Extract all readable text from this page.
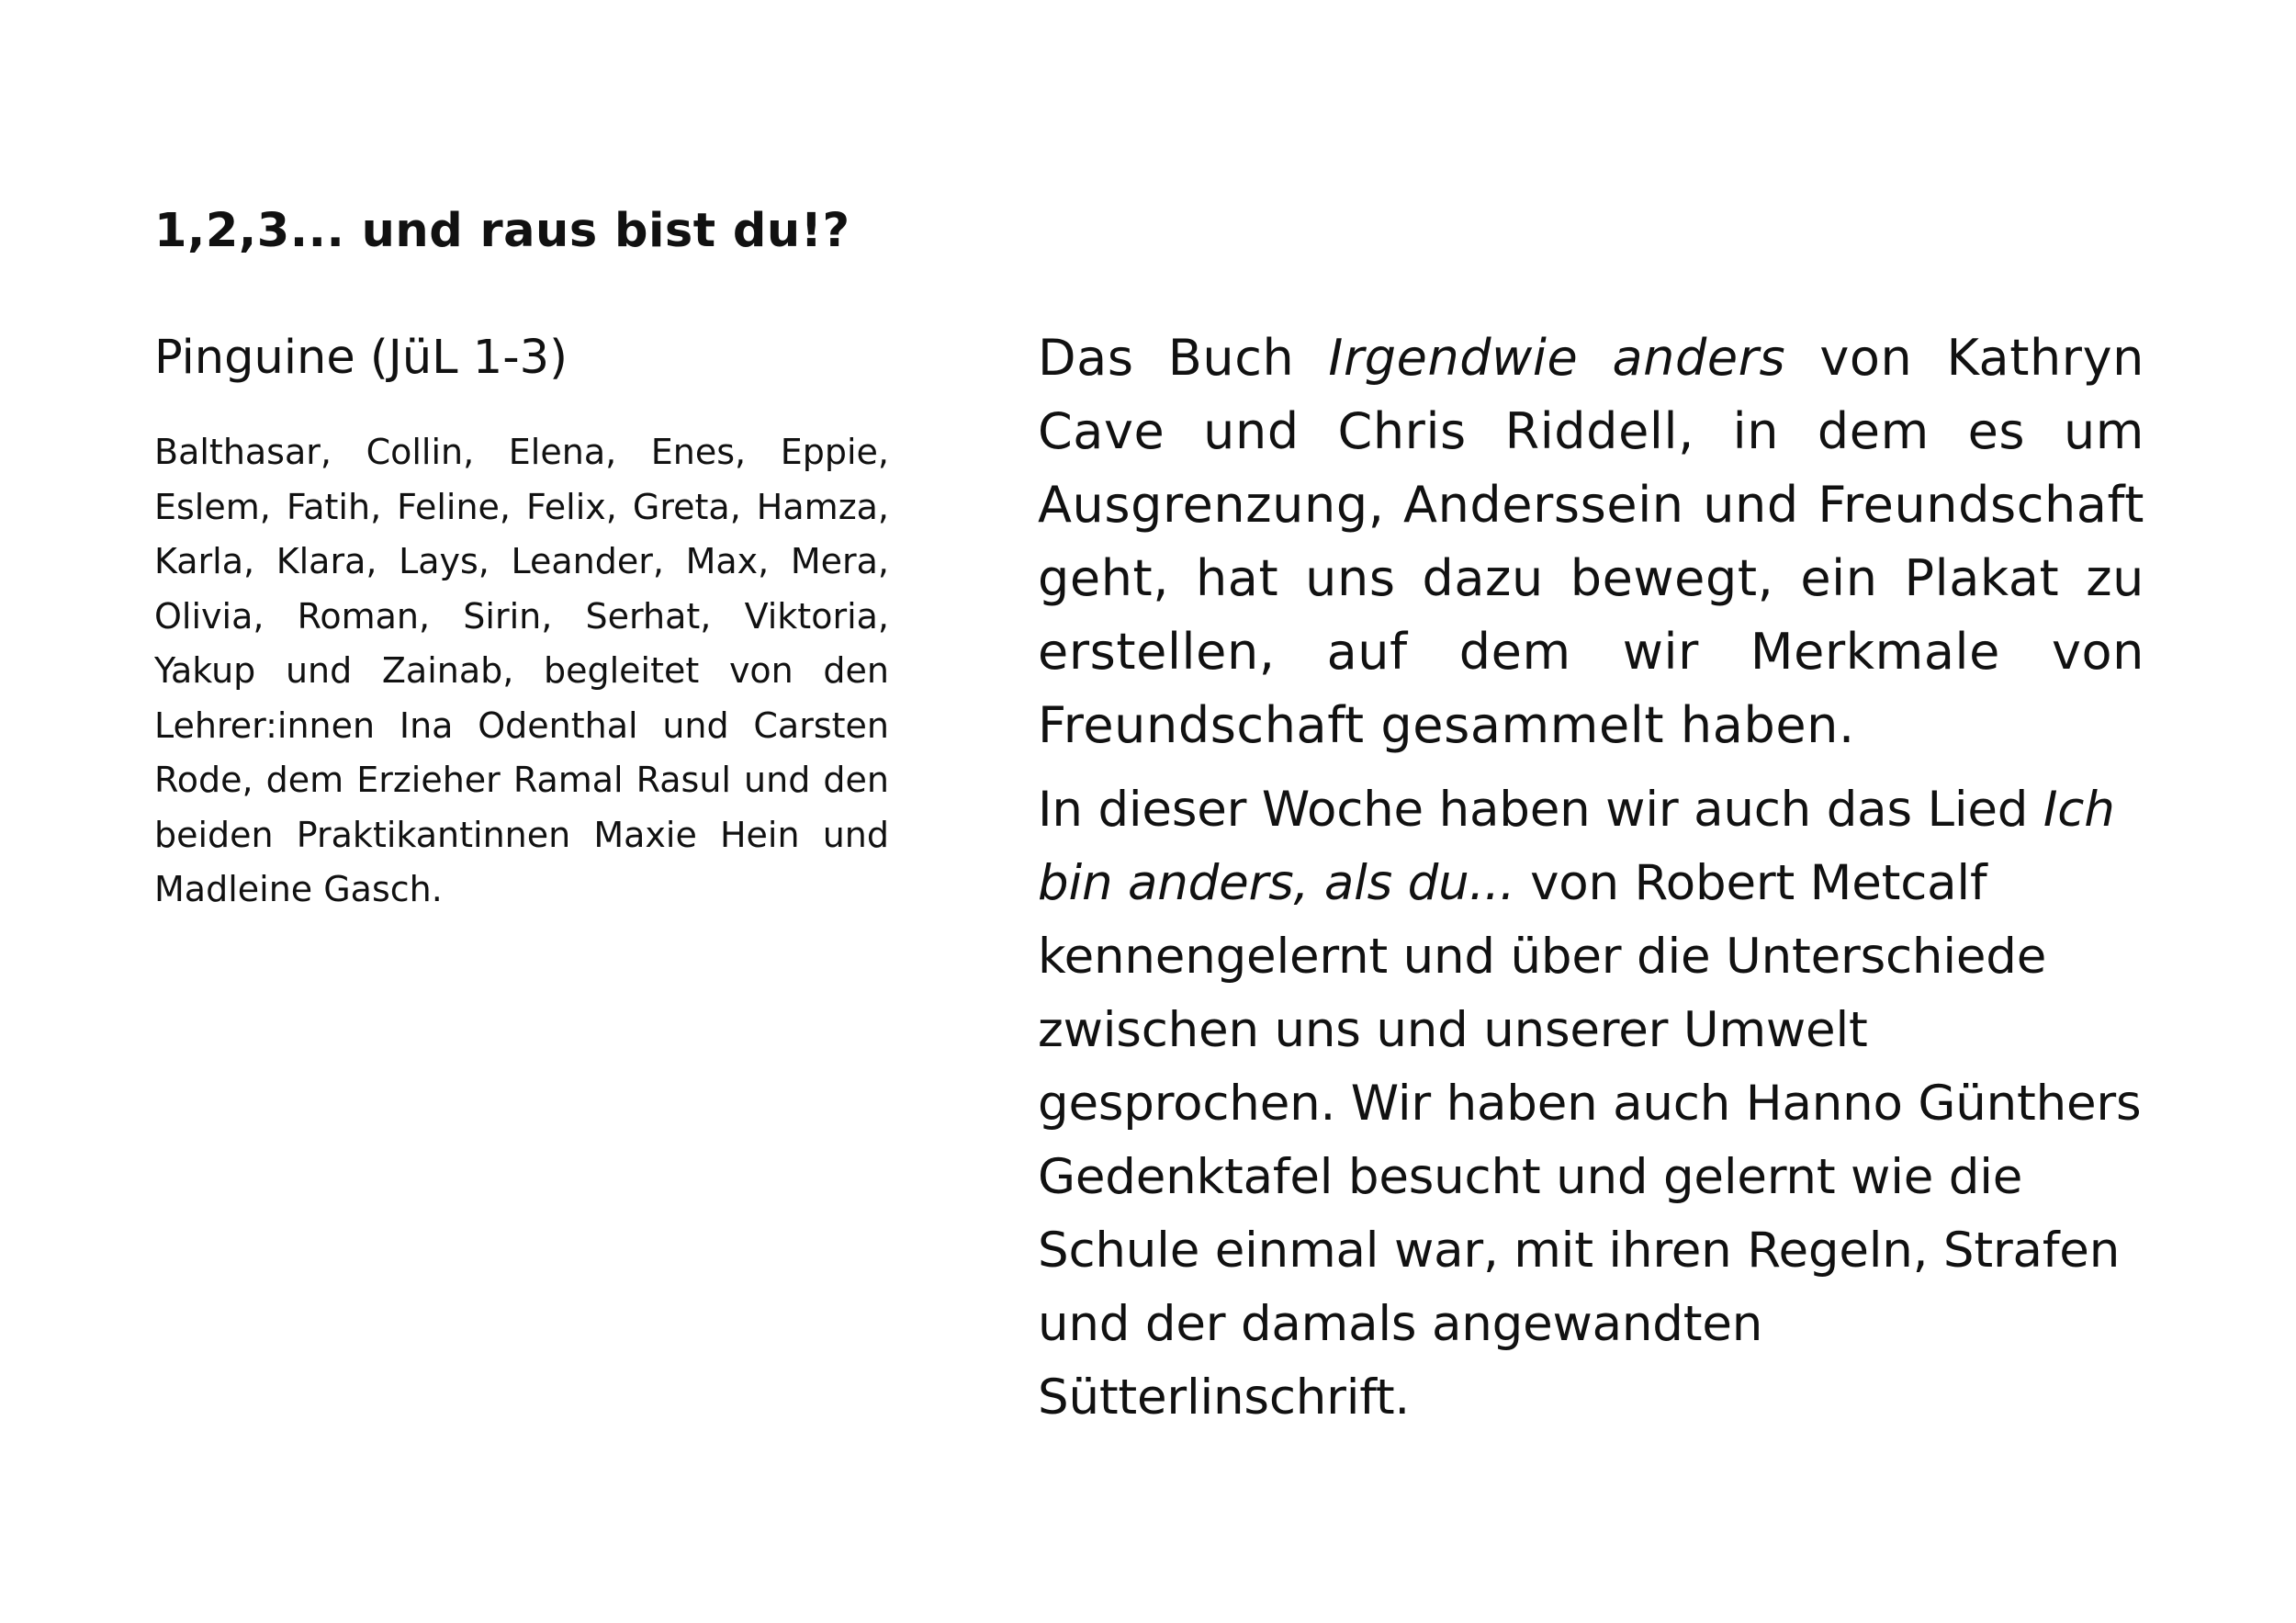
1,2,3... und raus bist du!?
Pinguine (JüL 1-3)

Balthasar, Collin, Elena, Enes, Eppie, Eslem, Fatih, Feline, Felix, Greta, Hamza, Karla, Klara, Lays, Leander, Max, Mera, Olivia, Roman, Sirin, Serhat, Viktoria, Yakup und Zainab, begleitet von den Lehrer:innen Ina Odenthal und Carsten Rode, dem Erzieher Ramal Rasul und den beiden Praktikantinnen Maxie Hein und Madleine Gasch.

Das Buch Irgendwie anders von Kathryn Cave und Chris Riddell, in dem es um Ausgrenzung, Anderssein und Freundschaft geht, hat uns dazu bewegt, ein Plakat zu erstellen, auf dem wir Merkmale von Freundschaft gesammelt haben.

In dieser Woche haben wir auch das Lied Ich bin anders, als du... von Robert Metcalf kennengelernt und über die Unterschiede zwischen uns und unserer Umwelt gesprochen. Wir haben auch Hanno Günthers Gedenktafel besucht und gelernt wie die Schule einmal war, mit ihren Regeln, Strafen und der damals angewandten Sütterlinschrift.
